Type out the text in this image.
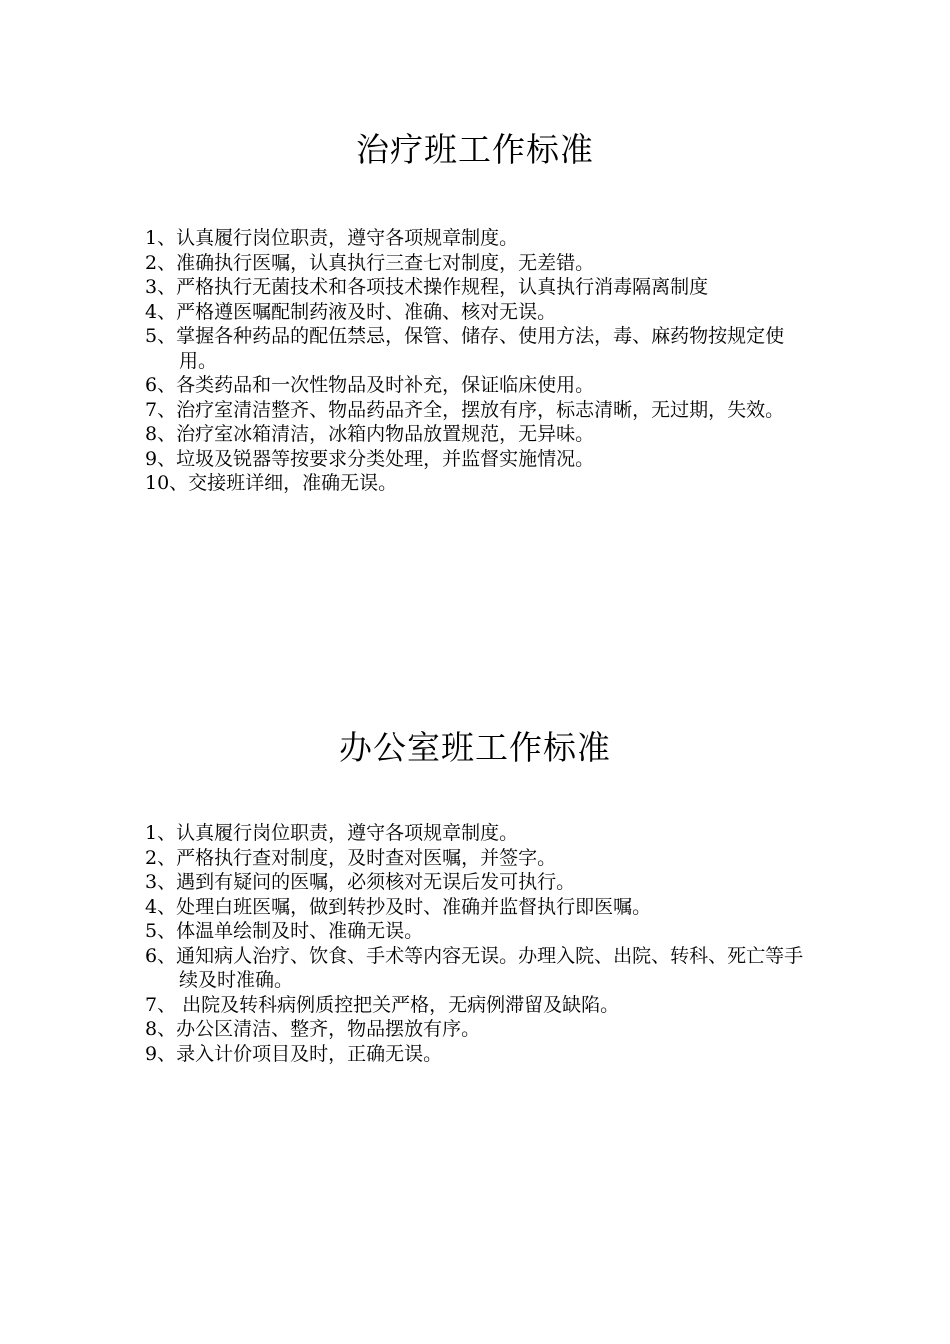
治疗班工作标准
1、认真履行岗位职责，遵守各项规章制度。
2、准确执行医嘱，认真执行三查七对制度，无差错。
3、严格执行无菌技术和各项技术操作规程，认真执行消毒隔离制度
4、严格遵医嘱配制药液及时、准确、核对无误。
5、掌握各种药品的配伍禁忌，保管、储存、使用方法，毒、麻药物按规定使用。
6、各类药品和一次性物品及时补充，保证临床使用。
7、治疗室清洁整齐、物品药品齐全，摆放有序，标志清晰，无过期，失效。
8、治疗室冰箱清洁，冰箱内物品放置规范，无异味。
9、垃圾及锐器等按要求分类处理，并监督实施情况。
10、交接班详细，准确无误。
办公室班工作标准
1、认真履行岗位职责，遵守各项规章制度。
2、严格执行查对制度，及时查对医嘱，并签字。
3、遇到有疑问的医嘱，必须核对无误后发可执行。
4、处理白班医嘱，做到转抄及时、准确并监督执行即医嘱。
5、体温单绘制及时、准确无误。
6、通知病人治疗、饮食、手术等内容无误。办理入院、出院、转科、死亡等手续及时准确。
7、 出院及转科病例质控把关严格，无病例滞留及缺陷。
8、办公区清洁、整齐，物品摆放有序。
9、录入计价项目及时，正确无误。
